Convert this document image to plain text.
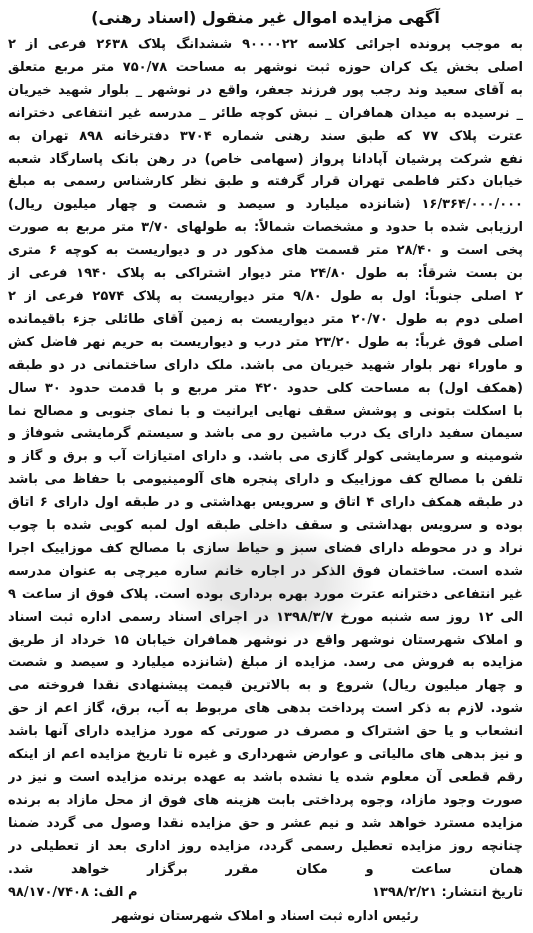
آگهی مزایده اموال غیر منقول (اسناد رهنی)
به موجب پرونده اجرائی کلاسه ۹۰۰۰۰۲۲ ششدانگ پلاک ۲۶۳۸ فرعی از ۲
اصلی بخش یک کران حوزه ثبت نوشهر به مساحت ۷۵۰/۷۸ متر مربع متعلق
به آقای سعید وند رجب پور فرزند جعفر، واقع در نوشهر _ بلوار شهید خیریان
_ نرسیده به میدان همافران _ نبش کوچه طائر _ مدرسه غیر انتفاعی دخترانه
عترت پلاک ۷۷ که طبق سند رهنی شماره ۳۷۰۴ دفترخانه ۸۹۸ تهران به
نفع شرکت پرشیان آپادانا پرواز (سهامی خاص) در رهن بانک پاسارگاد شعبه
خیابان دکتر فاطمی تهران قرار گرفته و طبق نظر کارشناس رسمی به مبلغ
۱۶/۳۶۴/۰۰۰/۰۰۰ (شانزده میلیارد و سیصد و شصت و چهار میلیون ریال)
ارزیابی شده با حدود و مشخصات شمالاً: به طولهای ۳/۷۰ متر مربع به صورت
پخی است و ۲۸/۴۰ متر قسمت های مذکور در و دیواریست به کوچه ۶ متری
بن بست شرقاً: به طول ۲۴/۸۰ متر دیوار اشتراکی به پلاک ۱۹۴۰ فرعی از
۲ اصلی جنوباً: اول به طول ۹/۸۰ متر دیواریست به پلاک ۲۵۷۴ فرعی از ۲
اصلی دوم به طول ۲۰/۷۰ متر دیواریست به زمین آقای طائلی جزء باقیمانده
اصلی فوق غرباً: به طول ۲۳/۲۰ متر درب و دیواریست به حریم نهر فاضل کش
و ماوراء نهر بلوار شهید خیریان می باشد. ملک دارای ساختمانی در دو طبقه
(همکف اول) به مساحت کلی حدود ۴۲۰ متر مربع و با قدمت حدود ۳۰ سال
با اسکلت بتونی و پوشش سقف نهایی ایرانیت و با نمای جنوبی و مصالح نما
سیمان سفید دارای یک درب ماشین رو می باشد و سیستم گرمایشی شوفاژ و
شومینه و سرمایشی کولر گازی می باشد. و دارای امتیازات آب و برق و گاز و
تلفن با مصالح کف موزاییک و دارای پنجره های آلومینیومی با حفاظ می باشد
در طبقه همکف دارای ۴ اتاق و سرویس بهداشتی و در طبقه اول دارای ۶ اتاق
بوده و سرویس بهداشتی و سقف داخلی طبقه اول لمبه کوبی شده با چوب
نراد و در محوطه دارای فضای سبز و حیاط سازی با مصالح کف موزاییک اجرا
شده است. ساختمان فوق الذکر در اجاره خانم ساره میرچی به عنوان مدرسه
غیر انتفاعی دخترانه عترت مورد بهره برداری بوده است. پلاک فوق از ساعت ۹
الی ۱۲ روز سه شنبه مورخ ۱۳۹۸/۳/۷ در اجرای اسناد رسمی اداره ثبت اسناد
و املاک شهرستان نوشهر واقع در نوشهر همافران خیابان ۱۵ خرداد از طریق
مزایده به فروش می رسد. مزایده از مبلغ (شانزده میلیارد و سیصد و شصت
و چهار میلیون ریال) شروع و به بالاترین قیمت پیشنهادی نقدا فروخته می
شود. لازم به ذکر است پرداخت بدهی های مربوط به آب، برق، گاز اعم از حق
انشعاب و یا حق اشتراک و مصرف در صورتی که مورد مزایده دارای آنها باشد
و نیز بدهی های مالیاتی و عوارض شهرداری و غیره تا تاریخ مزایده اعم از اینکه
رقم قطعی آن معلوم شده یا نشده باشد به عهده برنده مزایده است و نیز در
صورت وجود مازاد، وجوه پرداختی بابت هزینه های فوق از محل مازاد به برنده
مزایده مسترد خواهد شد و نیم عشر و حق مزایده نقدا وصول می گردد ضمنا
چنانچه روز مزایده تعطیل رسمی گردد، مزایده روز اداری بعد از تعطیلی در
همان ساعت و مکان مقرر برگزار خواهد شد.
تاریخ انتشار: ۱۳۹۸/۲/۲۱
م الف: ۹۸/۱۷۰/۷۴۰۸
رئیس اداره ثبت اسناد و املاک شهرستان نوشهر
